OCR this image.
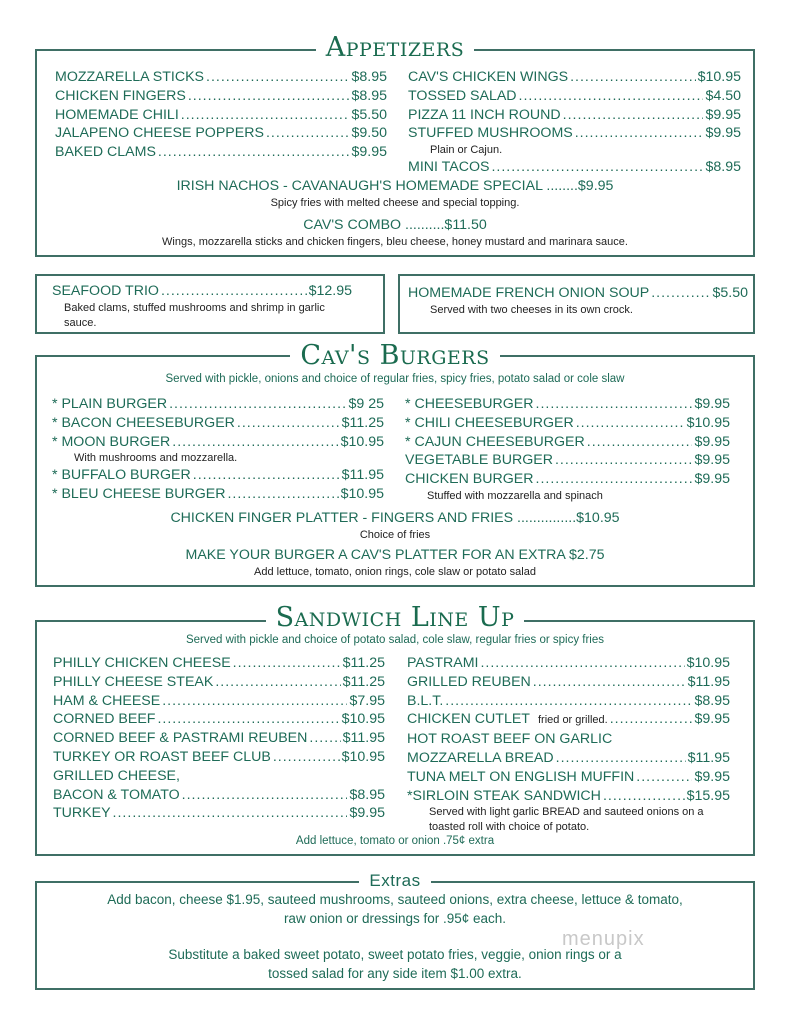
Appetizers
MOZZARELLA STICKS .....	$8.95
CHICKEN FINGERS .....	$8.95
HOMEMADE CHILI .....	$5.50
JALAPENO CHEESE POPPERS .....	$9.50
BAKED CLAMS .....	$9.95
CAV'S CHICKEN WINGS .....	$10.95
TOSSED SALAD .....	$4.50
PIZZA 11 INCH ROUND .....	$9.95
STUFFED MUSHROOMS .....	$9.95
Plain or Cajun.
MINI TACOS .....	$8.95
IRISH NACHOS - CAVANAUGH'S HOMEMADE SPECIAL ........$9.95
Spicy fries with melted cheese and special topping.
CAV'S COMBO ..........$11.50
Wings, mozzarella sticks and chicken fingers, bleu cheese, honey mustard and marinara sauce.
SEAFOOD TRIO .....	$12.95
Baked clams, stuffed mushrooms and shrimp in garlic sauce.
HOMEMADE FRENCH ONION SOUP .....	$5.50
Served with two cheeses in its own crock.
Cav's Burgers
Served with pickle, onions and choice of regular fries, spicy fries, potato salad or cole slaw
* PLAIN BURGER .....	$9 25
* BACON CHEESEBURGER .....	$11.25
* MOON BURGER .....	$10.95
With mushrooms and mozzarella.
* BUFFALO BURGER .....	$11.95
* BLEU CHEESE BURGER .....	$10.95
* CHEESEBURGER .....	$9.95
* CHILI CHEESEBURGER .....	$10.95
* CAJUN CHEESEBURGER .....	$9.95
VEGETABLE BURGER .....	$9.95
CHICKEN BURGER .....	$9.95
Stuffed with mozzarella and spinach
CHICKEN FINGER PLATTER - FINGERS AND FRIES ...............$10.95
Choice of fries
MAKE YOUR BURGER A CAV'S PLATTER FOR AN EXTRA $2.75
Add lettuce, tomato, onion rings, cole slaw or potato salad
Sandwich Line Up
Served with pickle and choice of potato salad, cole slaw, regular fries or spicy fries
PHILLY CHICKEN CHEESE .....	$11.25
PHILLY CHEESE STEAK .....	$11.25
HAM & CHEESE .....	$7.95
CORNED BEEF .....	$10.95
CORNED BEEF & PASTRAMI REUBEN ..... $11.95
TURKEY OR ROAST BEEF CLUB .....	$10.95
GRILLED CHEESE,
BACON & TOMATO .....	$8.95
TURKEY .....	$9.95
PASTRAMI .....	$10.95
GRILLED REUBEN .....	$11.95
B.L.T. .....	$8.95
CHICKEN CUTLET fried or grilled. .....	$9.95
HOT ROAST BEEF ON GARLIC
MOZZARELLA BREAD .....	$11.95
TUNA MELT ON ENGLISH MUFFIN .....	$9.95
*SIRLOIN STEAK SANDWICH .....	$15.95
Served with light garlic BREAD and sauteed onions on a toasted roll with choice of potato.
Add lettuce, tomato or onion .75¢ extra
Extras
Add bacon, cheese $1.95, sauteed mushrooms, sauteed onions, extra cheese, lettuce & tomato,
raw onion or dressings for .95¢ each.
Substitute a baked sweet potato, sweet potato fries, veggie, onion rings or a
tossed salad for any side item $1.00 extra.
menupix
